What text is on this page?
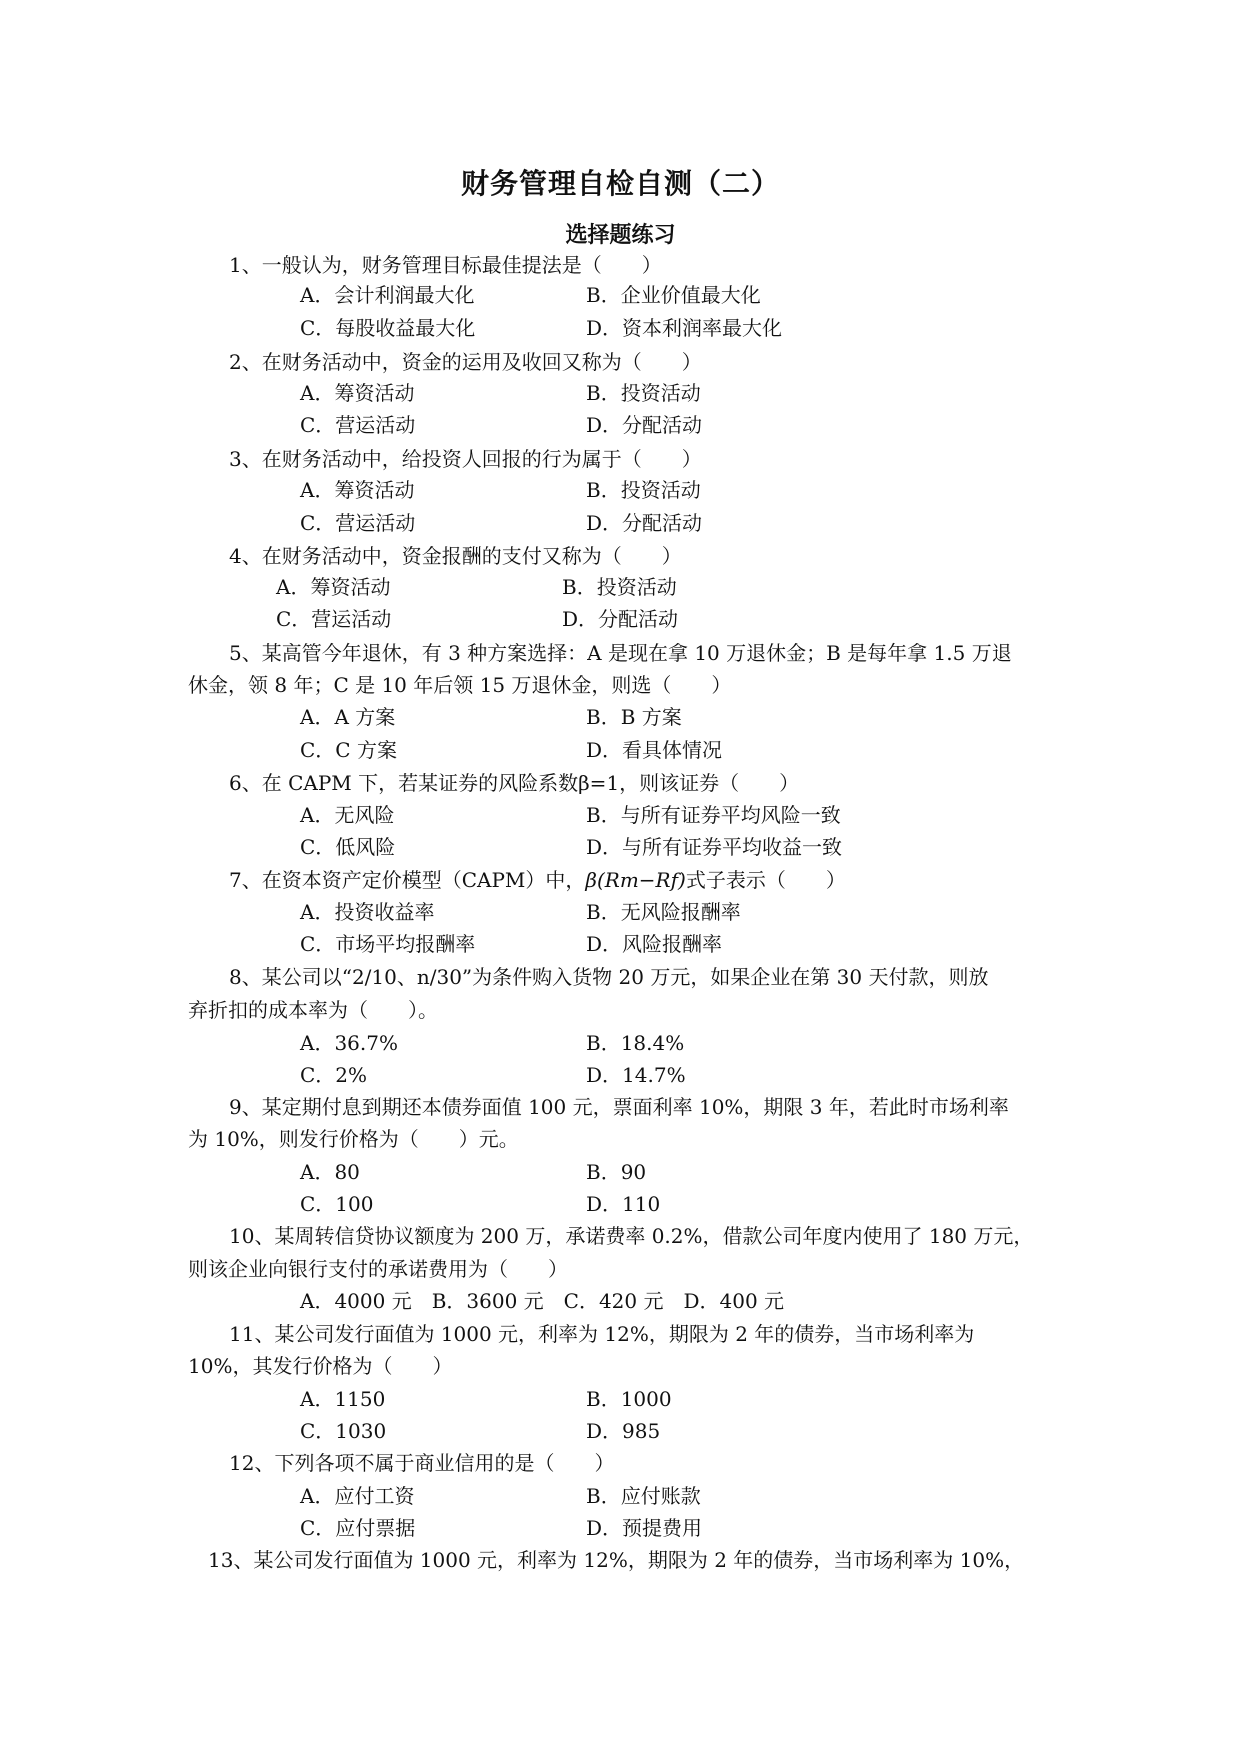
财务管理自检自测（二）
选择题练习
1、一般认为，财务管理目标最佳提法是（　　）
A．会计利润最大化	B．企业价值最大化
C．每股收益最大化	D．资本利润率最大化
2、在财务活动中，资金的运用及收回又称为（　　）
A．筹资活动	B．投资活动
C．营运活动	D．分配活动
3、在财务活动中，给投资人回报的行为属于（　　）
A．筹资活动	B．投资活动
C．营运活动	D．分配活动
4、在财务活动中，资金报酬的支付又称为（　　）
A．筹资活动	B．投资活动
C．营运活动	D．分配活动
5、某高管今年退休，有 3 种方案选择：A 是现在拿 10 万退休金；B 是每年拿 1.5 万退
休金，领 8 年；C 是 10 年后领 15 万退休金，则选（　　）
A．A 方案	B．B 方案
C．C 方案	D．看具体情况
6、在 CAPM 下，若某证券的风险系数β=1，则该证券（　　）
A．无风险	B．与所有证券平均风险一致
C．低风险	D．与所有证券平均收益一致
7、在资本资产定价模型（CAPM）中，β(Rm−Rf)式子表示（　　）
A．投资收益率	B．无风险报酬率
C．市场平均报酬率	D．风险报酬率
8、某公司以“2/10、n/30”为条件购入货物 20 万元，如果企业在第 30 天付款，则放
弃折扣的成本率为（　　）。
A．36.7%	B．18.4%
C．2%	D．14.7%
9、某定期付息到期还本债券面值 100 元，票面利率 10%，期限 3 年，若此时市场利率
为 10%，则发行价格为（　　）元。
A．80	B．90
C．100	D．110
10、某周转信贷协议额度为 200 万，承诺费率 0.2%，借款公司年度内使用了 180 万元，
则该企业向银行支付的承诺费用为（　　）
A．4000 元　B．3600 元　C．420 元　D．400 元
11、某公司发行面值为 1000 元，利率为 12%，期限为 2 年的债券，当市场利率为
10%，其发行价格为（　　）
A．1150	B．1000
C．1030	D．985
12、下列各项不属于商业信用的是（　　）
A．应付工资	B．应付账款
C．应付票据	D．预提费用
13、某公司发行面值为 1000 元，利率为 12%，期限为 2 年的债券，当市场利率为 10%，
